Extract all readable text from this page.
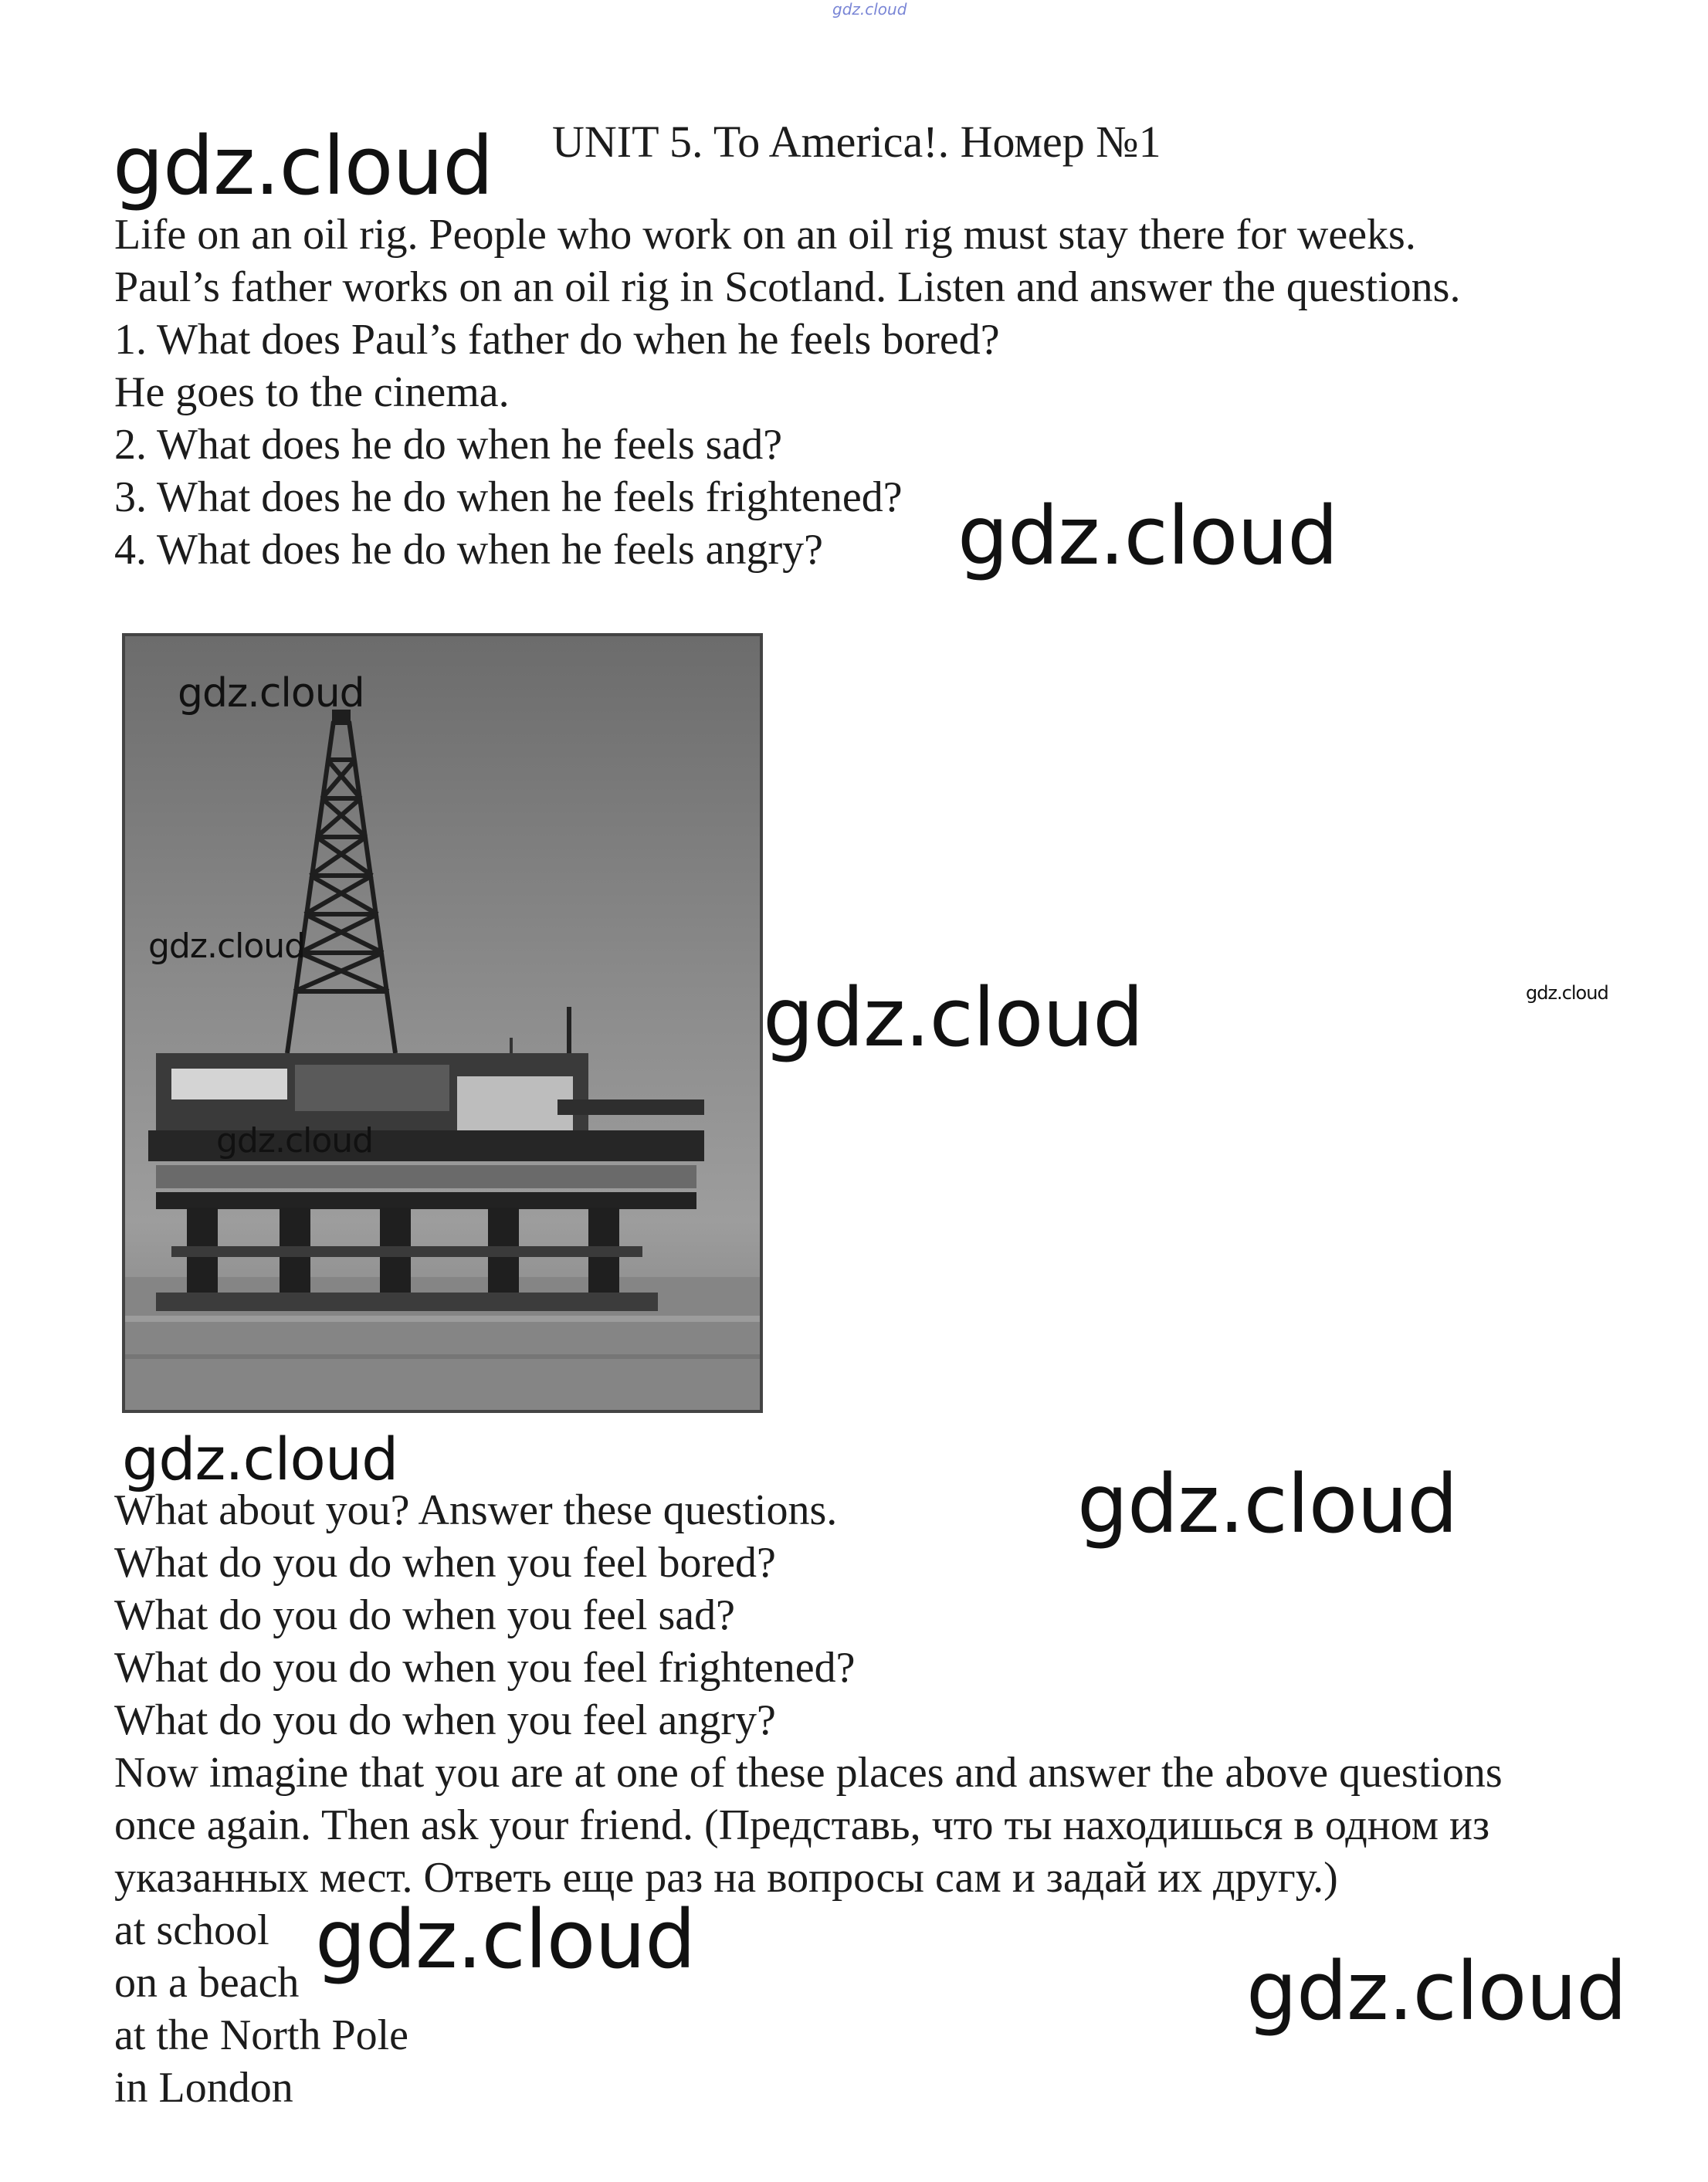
gdz.cloud
UNIT 5. To America!. Номер №1
gdz.cloud
Life on an oil rig. People who work on an oil rig must stay there for weeks.
Paul’s father works on an oil rig in Scotland. Listen and answer the questions.
1. What does Paul’s father do when he feels bored?
He goes to the cinema.
2. What does he do when he feels sad?
3. What does he do when he feels frightened?
4. What does he do when he feels angry? gdz.cloud
gdz.cloud
gdz.cloud
gdz.cloud
gdz.cloud	gdz.cloud
gdz.cloud
What about you? Answer these questions.
What do you do when you feel bored?
What do you do when you feel sad?
What do you do when you feel frightened?
What do you do when you feel angry?
Now imagine that you are at one of these places and answer the above questions
once again. Then ask your friend. (Представь, что ты находишься в одном из
указанных мест. Ответь еще раз на вопросы сам и задай их другу.)
gdz.cloud
at school
on a beach
at the North Pole
in London
gdz.cloud
gdz.cloud
